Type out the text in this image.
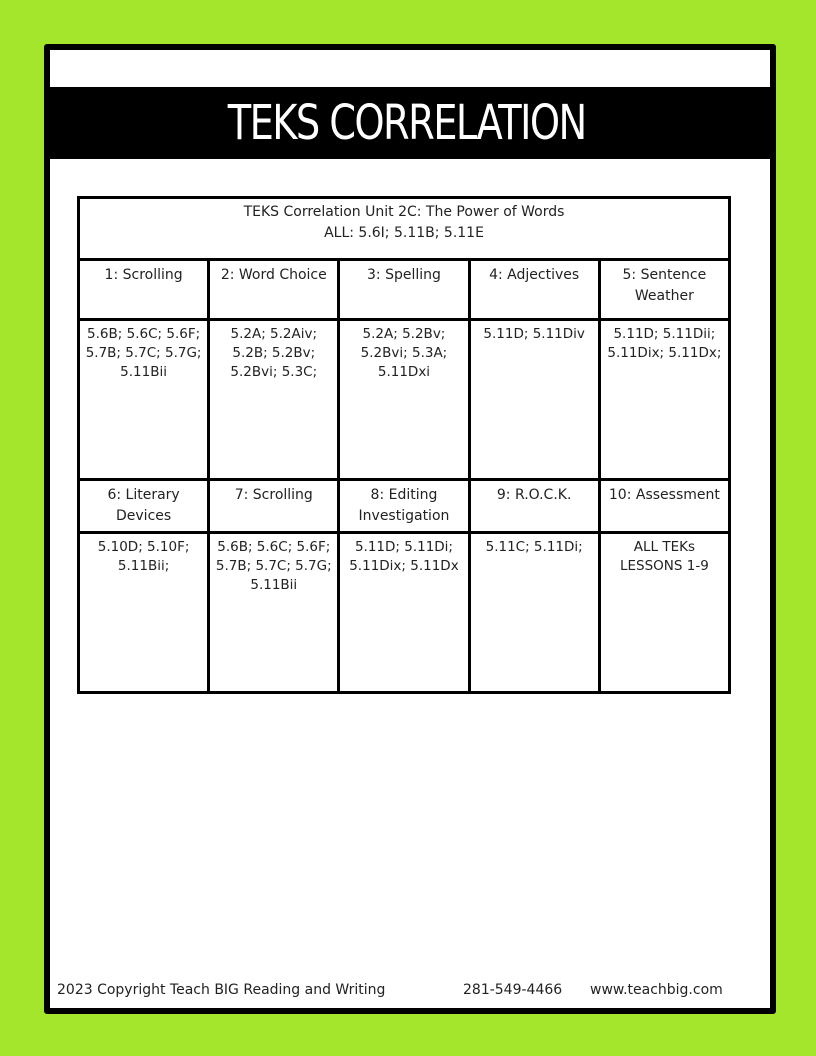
TEKS CORRELATION
TEKS Correlation Unit 2C: The Power of Words
ALL: 5.6I; 5.11B; 5.11E				

1: Scrolling	2: Word Choice	3: Spelling	4: Adjectives	5: Sentence Weather
5.6B; 5.6C; 5.6F; 5.7B; 5.7C; 5.7G; 5.11Bii	5.2A; 5.2Aiv; 5.2B; 5.2Bv; 5.2Bvi; 5.3C;	5.2A; 5.2Bv; 5.2Bvi; 5.3A; 5.11Dxi	5.11D; 5.11Div	5.11D; 5.11Dii; 5.11Dix; 5.11Dx;
6: Literary Devices	7: Scrolling	8: Editing Investigation	9: R.O.C.K.	10: Assessment
5.10D; 5.10F; 5.11Bii;	5.6B; 5.6C; 5.6F; 5.7B; 5.7C; 5.7G; 5.11Bii	5.11D; 5.11Di; 5.11Dix; 5.11Dx	5.11C; 5.11Di;	ALL TEKs LESSONS 1-9
2023 Copyright Teach BIG Reading and Writing	281-549-4466 www.teachbig.com
